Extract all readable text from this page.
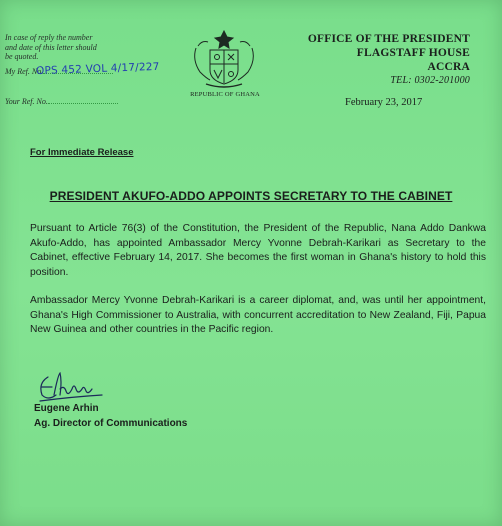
In case of reply the number and date of this letter should be quoted.
My Ref. No.
OPS 452 VOL 4/17/227
Your Ref. No.
REPUBLIC OF GHANA
OFFICE OF THE PRESIDENT
FLAGSTAFF HOUSE
ACCRA
TEL: 0302-201000
February 23, 2017
For Immediate Release
PRESIDENT AKUFO-ADDO APPOINTS SECRETARY TO THE CABINET
Pursuant to Article 76(3) of the Constitution, the President of the Republic, Nana Addo Dankwa Akufo-Addo, has appointed Ambassador Mercy Yvonne Debrah-Karikari as Secretary to the Cabinet, effective February 14, 2017. She becomes the first woman in Ghana's history to hold this position.
Ambassador Mercy Yvonne Debrah-Karikari is a career diplomat, and, was until her appointment, Ghana's High Commissioner to Australia, with concurrent accreditation to New Zealand, Fiji, Papua New Guinea and other countries in the Pacific region.
Eugene Arhin
Ag. Director of Communications
